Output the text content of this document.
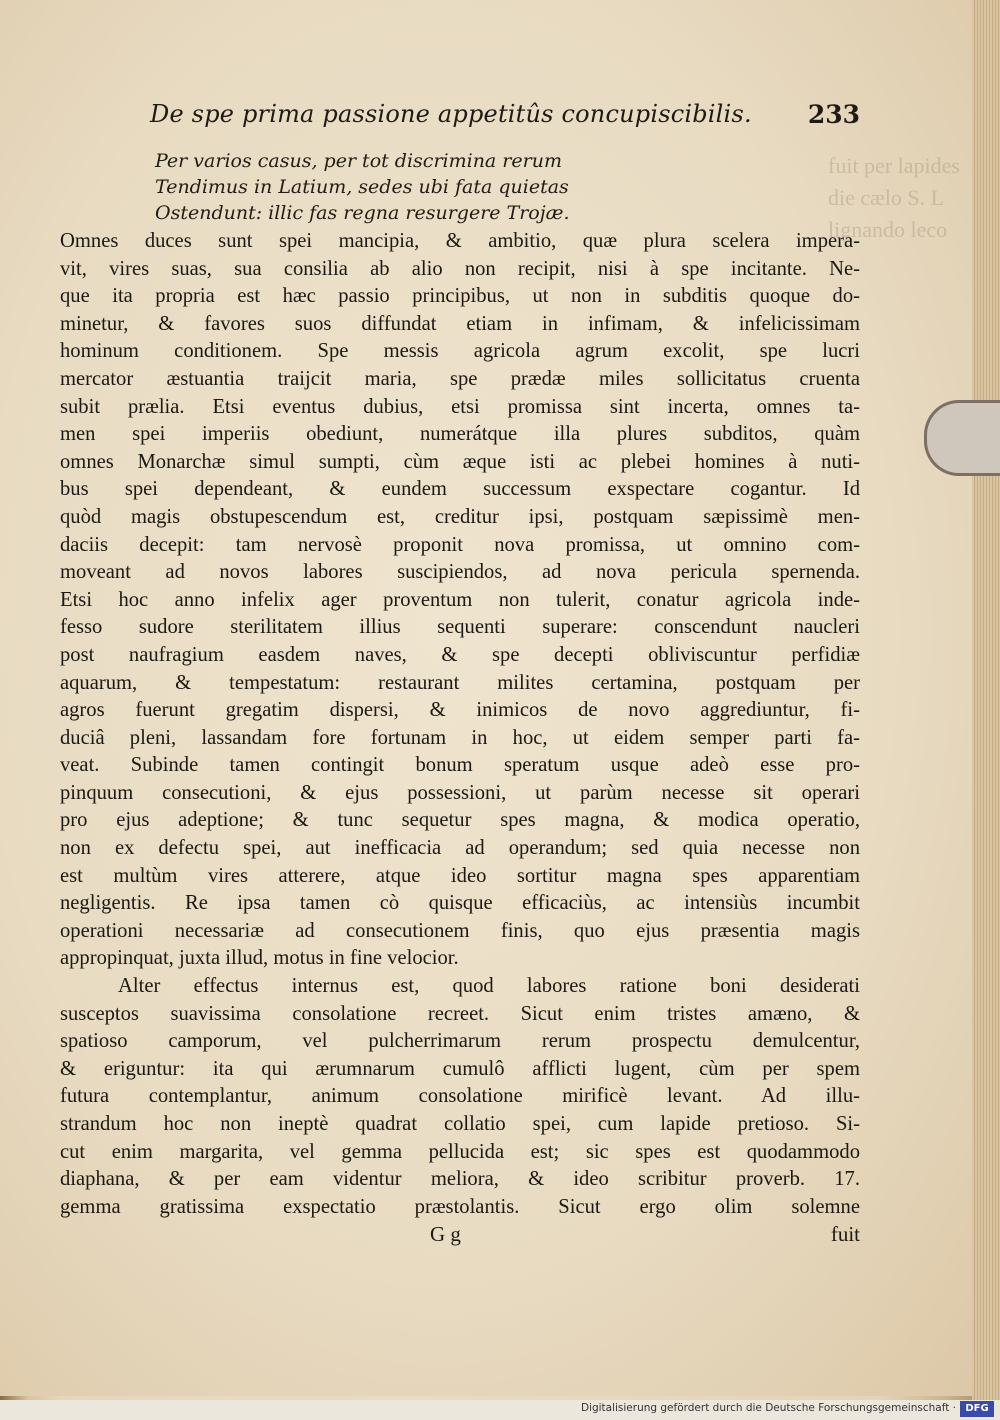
fuit per lapides
die cælo S. L
lignando leco
De spe prima passione appetitûs concupiscibilis. 233
Per varios casus, per tot discrimina rerum
Tendimus in Latium, sedes ubi fata quietas
Ostendunt: illic fas regna resurgere Trojæ.
Omnes duces sunt spei mancipia, & ambitio, quæ plura scelera impera-
vit, vires suas, sua consilia ab alio non recipit, nisi à spe incitante. Ne-
que ita propria est hæc passio principibus, ut non in subditis quoque do-
minetur, & favores suos diffundat etiam in infimam, & infelicissimam
hominum conditionem. Spe messis agricola agrum excolit, spe lucri
mercator æstuantia traijcit maria, spe prædæ miles sollicitatus cruenta
subit prælia. Etsi eventus dubius, etsi promissa sint incerta, omnes ta-
men spei imperiis obediunt, numerátque illa plures subditos, quàm
omnes Monarchæ simul sumpti, cùm æque isti ac plebei homines à nuti-
bus spei dependeant, & eundem successum exspectare cogantur. Id
quòd magis obstupescendum est, creditur ipsi, postquam sæpissimè men-
daciis decepit: tam nervosè proponit nova promissa, ut omnino com-
moveant ad novos labores suscipiendos, ad nova pericula spernenda.
Etsi hoc anno infelix ager proventum non tulerit, conatur agricola inde-
fesso sudore sterilitatem illius sequenti superare: conscendunt naucleri
post naufragium easdem naves, & spe decepti obliviscuntur perfidiæ
aquarum, & tempestatum: restaurant milites certamina, postquam per
agros fuerunt gregatim dispersi, & inimicos de novo aggrediuntur, fi-
duciâ pleni, lassandam fore fortunam in hoc, ut eidem semper parti fa-
veat. Subinde tamen contingit bonum speratum usque adeò esse pro-
pinquum consecutioni, & ejus possessioni, ut parùm necesse sit operari
pro ejus adeptione; & tunc sequetur spes magna, & modica operatio,
non ex defectu spei, aut inefficacia ad operandum; sed quia necesse non
est multùm vires atterere, atque ideo sortitur magna spes apparentiam
negligentis. Re ipsa tamen cò quisque efficaciùs, ac intensiùs incumbit
operationi necessariæ ad consecutionem finis, quo ejus præsentia magis
appropinquat, juxta illud, motus in fine velocior.
Alter effectus internus est, quod labores ratione boni desiderati
susceptos suavissima consolatione recreet. Sicut enim tristes amæno, &
spatioso camporum, vel pulcherrimarum rerum prospectu demulcentur,
& eriguntur: ita qui ærumnarum cumulô afflicti lugent, cùm per spem
futura contemplantur, animum consolatione mirificè levant. Ad illu-
strandum hoc non ineptè quadrat collatio spei, cum lapide pretioso. Si-
cut enim margarita, vel gemma pellucida est; sic spes est quodammodo
diaphana, & per eam videntur meliora, & ideo scribitur proverb. 17.
gemma gratissima exspectatio præstolantis. Sicut ergo olim solemne
G g	fuit
Digitalisierung gefördert durch die Deutsche Forschungsgemeinschaft · DFG
